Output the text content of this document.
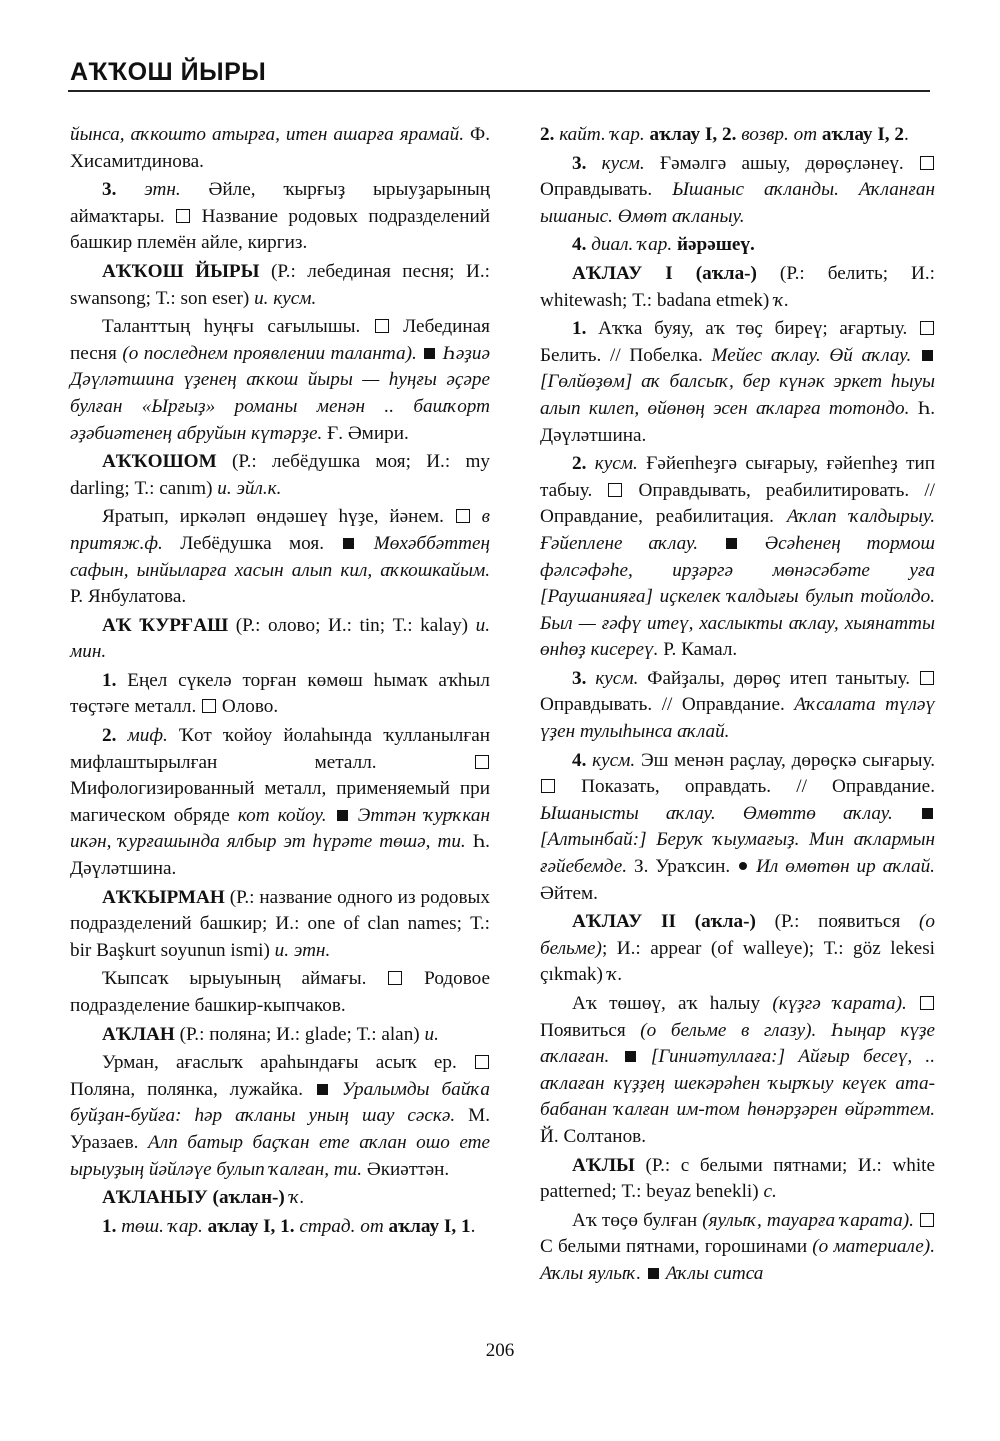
АҠҠОШ ЙЫРЫ

йынса, аҡкошто атырға, итен ашарға ярамай. Ф. Хисамитдинова.

3. этн. Әйле, ҡырғыҙ ырыуҙарының аймаҡтары.  Название родовых подразделений башкир племён айле, киргиз.

АҠҠОШ ЙЫРЫ (Р.: лебединая песня; И.: swansong; Т.: son eser) и. кусм.

Таланттың һуңғы сағылышы.  Лебединая песня (о последнем проявлении таланта).  Һәҙиә Дәүләтшина үҙенең аҡкош йыры — һуңғы әҫәре булған «Ырғыҙ» романы менән .. башҡорт әҙәбиәтенең абруйын күтәрҙе. Ғ. Әмири.

АҠҠОШОМ (Р.: лебёдушка моя; И.: my darling; Т.: canım) и. эйл.к.

Яратып, иркәләп өндәшеү һүҙе, йәнем.  в притяж.ф. Лебёдушка моя.  Мөхәббәттең сафын, ынйыларға хасын алып кил, аҡкошкайым. Р. Янбулатова.

АҠ ҠУРҒАШ (Р.: олово; И.: tin; Т.: kalay) и. мин.

1. Еңел сүкелә торған көмөш һымаҡ аҡһыл төҫтәге металл.  Олово.

2. миф. Ҡот ҡойоу йолаһында ҡулланылған мифлаштырылған металл.  Мифологизированный металл, применяемый при магическом обряде кот койоу.  Эттән ҡурҡкан икән, ҡурғашында ялбыр эт һүрәте төшә, ти. Һ. Дәүләтшина.

АҠҠЫРМАН (Р.: название одного из родовых подразделений башкир; И.: one of clan names; Т.: bir Başkurt soyunun ismi) и. этн.

Ҡыпсаҡ ырыуының аймағы.  Родовое подразделение башкир-кыпчаков.

АҠЛАН (Р.: поляна; И.: glade; Т.: alan) и.

Урман, ағаслыҡ араһындағы асыҡ ер.  Поляна, полянка, лужайка.  Уралымды байҡа буйҙан-буйға: һәр аҡланы уның шау сәскә. М. Уразаев. Алп батыр баҫҡан ете аҡлан ошо ете ырыуҙың йәйләүе булып ҡалған, ти. Әкиәттән.

АҠЛАНЫУ (аҡлан-) ҡ.

1. төш. ҡар. аҡлау I, 1. страд. от аҡлау I, 1.

2. кайт. ҡар. аҡлау I, 2. возвр. от аҡлау I, 2.

3. кусм. Ғәмәлгә ашыу, дөрөҫләнеү.  Оправдывать. Ышаныс аҡланды. Аҡланған ышаныс. Өмөт аҡланыу.

4. диал. ҡар. йәрәшеү.

АҠЛАУ I (аҡла-) (Р.: белить; И.: whitewash; Т.: badana etmek) ҡ.

1. Аҡҡа буяу, аҡ төҫ биреү; ағартыу.  Белить. // Побелка. Мейес аҡлау. Өй аҡлау.  [Гөлйөҙөм] аҡ балсыҡ, бер күнәк эркет һыуы алып килеп, өйөнөң эсен аҡларға тотондо. Һ. Дәүләтшина.

2. кусм. Ғәйепһеҙгә сығарыу, ғәйепһеҙ тип табыу.  Оправдывать, реабилитировать. // Оправдание, реабилитация. Аҡлап ҡалдырыу. Ғәйеплене аҡлау.  Әсәһенең тормош фәлсәфәһе, ирҙәргә мөнәсәбәте уға [Раушанияға] иҫкелек ҡалдығы булып тойолдо. Был — ғәфү итеү, хаслыкты аҡлау, хыянатты өнһөҙ кисереү. Р. Камал.

3. кусм. Файҙалы, дөрөҫ итеп танытыу.  Оправдывать. // Оправдание. Аҡсалата түләү үҙен тулыһынса аҡлай.

4. кусм. Эш менән раҫлау, дөрөҫкә сығарыу.  Показать, оправдать. // Оправдание. Ышанысты аҡлау. Өмөттө аҡлау.  [Алтынбай:] Беруҡ ҡыумағыҙ. Мин аҡлармын ғәйебемде. З. Ураҡсин.  Ил өмөтөн ир аҡлай. Әйтем.

АҠЛАУ II (аҡла-) (Р.: появиться (о бельме); И.: appear (of walleye); Т.: göz lekesi çıkmak) ҡ.

Аҡ төшөү, аҡ һалыу (күҙгә ҡарата).  Появиться (о бельме в глазу). Һыңар күҙе аҡлаған.  [Гиниәтуллаға:] Айғыр бесеү, .. аҡлаған күҙҙең шекәрәһен ҡырҡыу кеүек ата-бабанан ҡалған им-том һөнәрҙәрен өйрәттем. Й. Солтанов.

АҠЛЫ (Р.: с белыми пятнами; И.: white patterned; Т.: beyaz benekli) с.

Аҡ төҫө булған (яулыҡ, тауарға ҡарата).  С белыми пятнами, горошинами (о материале). Аҡлы яулыҡ. Аҡлы ситса

206
